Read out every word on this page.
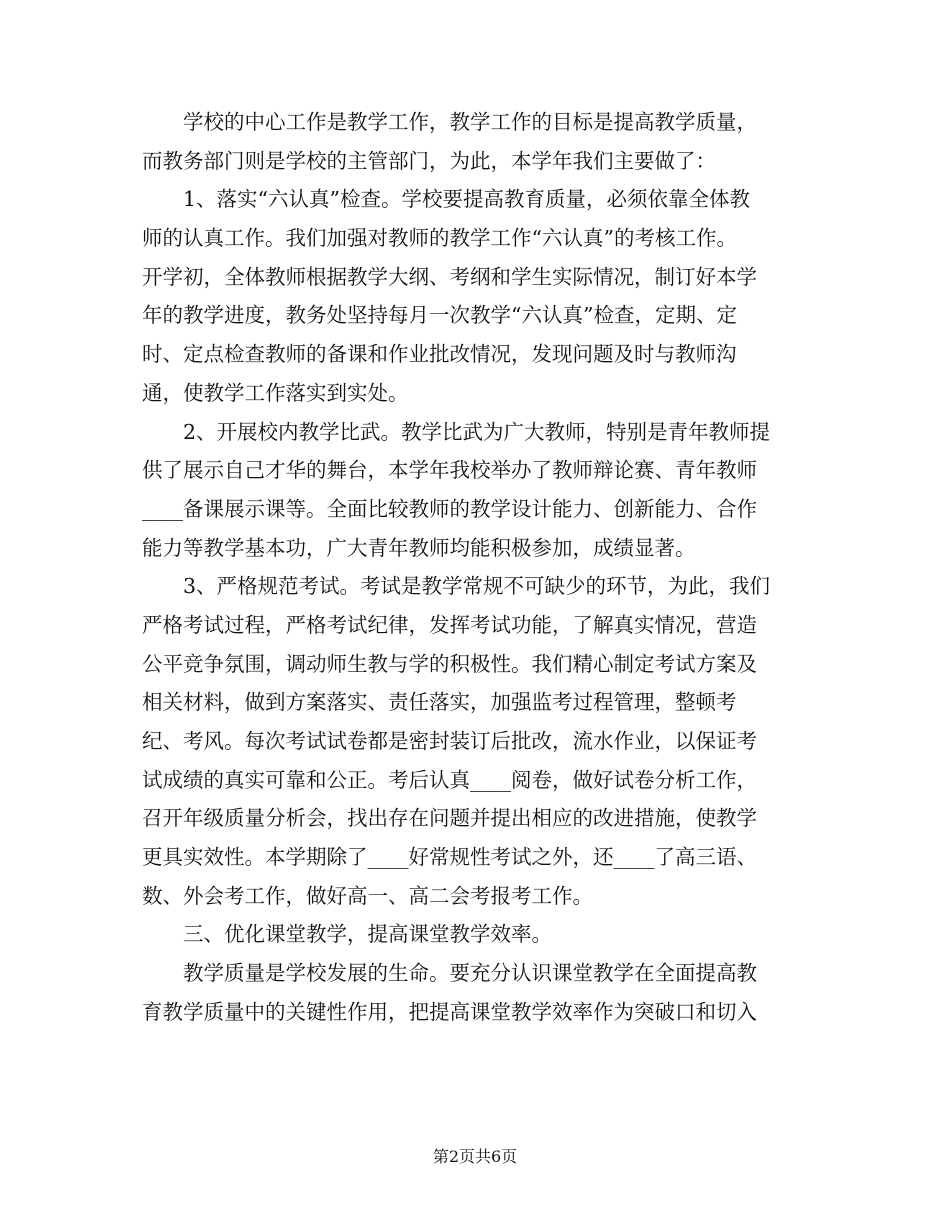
学校的中心工作是教学工作，教学工作的目标是提高教学质量，
而教务部门则是学校的主管部门，为此，本学年我们主要做了：
1、落实“六认真”检查。学校要提高教育质量，必须依靠全体教
师的认真工作。我们加强对教师的教学工作“六认真”的考核工作。
开学初，全体教师根据教学大纲、考纲和学生实际情况，制订好本学
年的教学进度，教务处坚持每月一次教学“六认真”检查，定期、定
时、定点检查教师的备课和作业批改情况，发现问题及时与教师沟
通，使教学工作落实到实处。
2、开展校内教学比武。教学比武为广大教师，特别是青年教师提
供了展示自己才华的舞台，本学年我校举办了教师辩论赛、青年教师
____备课展示课等。全面比较教师的教学设计能力、创新能力、合作
能力等教学基本功，广大青年教师均能积极参加，成绩显著。
3、严格规范考试。考试是教学常规不可缺少的环节，为此，我们
严格考试过程，严格考试纪律，发挥考试功能，了解真实情况，营造
公平竞争氛围，调动师生教与学的积极性。我们精心制定考试方案及
相关材料，做到方案落实、责任落实，加强监考过程管理，整顿考
纪、考风。每次考试试卷都是密封装订后批改，流水作业，以保证考
试成绩的真实可靠和公正。考后认真____阅卷，做好试卷分析工作，
召开年级质量分析会，找出存在问题并提出相应的改进措施，使教学
更具实效性。本学期除了____好常规性考试之外，还____了高三语、
数、外会考工作，做好高一、高二会考报考工作。
三、优化课堂教学，提高课堂教学效率。
教学质量是学校发展的生命。要充分认识课堂教学在全面提高教
育教学质量中的关键性作用，把提高课堂教学效率作为突破口和切入
第2页共6页
